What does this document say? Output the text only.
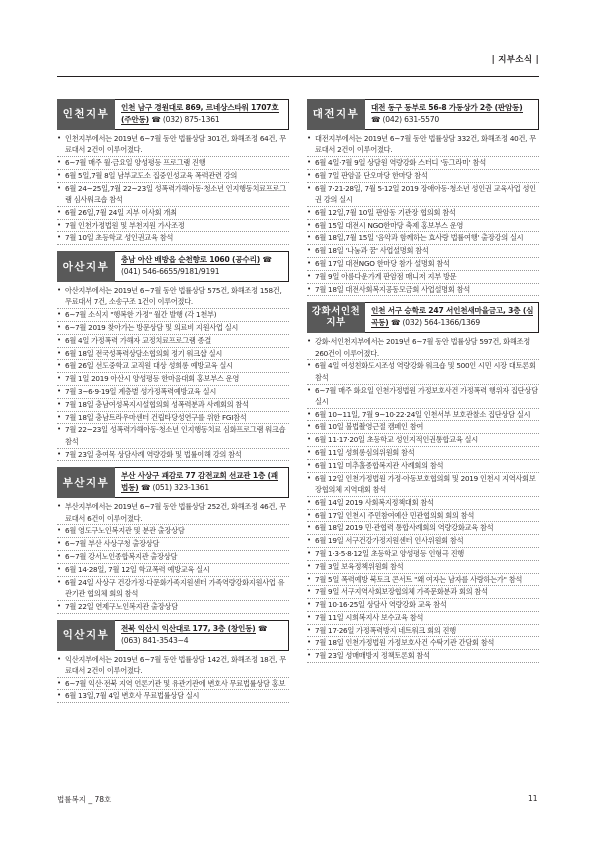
| 지부소식 |
인천지부
인천 남구 경원대로 869, 르네상스타워 1707호 (주안동) ☎ (032) 875-1361
• 인천지부에서는 2019년 6~7월 동안 법률상담 301건, 화해조정 64건, 무료대서 2건이 이루어졌다.
• 6~7월 매주 월·금요일 양성평등 프로그램 진행
• 6월 5일,7월 8일 남부교도소 집중인성교육 폭력관련 강의
• 6월 24~25일,7월 22~23일 성폭력가해아동·청소년 인지행동치료프로그램 심사워크숍 참석
• 6월 26일,7월 24일 지부 이사회 개최
• 7월 인천가정법원 및 부천지원 가사조정
• 7월 10일 초등학교 성인권교육 참석
아산지부
충남 아산 배방읍 순천향로 1060 (공수리) ☎ (041) 546-6655/9181/9191
• 아산지부에서는 2019년 6~7월 동안 법률상담 575건, 화해조정 158건, 무료대서 7건, 소송구조 1건이 이루어졌다.
• 6~7월 소식지 "행복한 가정" 월간 발행 (각 1천부)
• 6~7월 2019 찾아가는 방문상담 및 의료비 지원사업 실시
• 6월 4일 가정폭력 가해자 교정치료프로그램 종결
• 6월 18일 전국성폭력상담소협의회 정기 워크샵 실시
• 6월 26일 선도중학교 교직원 대상 성희롱 예방교육 실시
• 7월 1일 2019 아산시 양성평등 한마음대회 홍보부스 운영
• 7월 3~6·9·19일 계층별 성가정폭력예방교육 실시
• 7월 18일 충남여성복지시설협의회 성폭력분과 사례회의 참석
• 7월 18일 충남트라우마센터 건립타당성연구를 위한 FGI참석
• 7월 22~23일 성폭력가해아동·청소년 인지행동치료 심화프로그램 워크숍 참석
• 7월 23일 충여목 상담사례 역량강화 및 법률이해 강의 참석
부산지부
부산 사상구 괘감로 77 감전교회 선교관 1층 (괘법동) ☎ (051) 323-1361
• 부산지부에서는 2019년 6~7월 동안 법률상담 252건, 화해조정 46건, 무료대서 6건이 이루어졌다.
• 6월 영도구노인복지관 및 분관 출장상담
• 6~7월 부산 사상구청 출장상담
• 6~7월 강서노인종합복지관 출장상담
• 6월 14·28일, 7월 12일 학교폭력 예방교육 실시
• 6월 24일 사상구 건강가정·다문화가족지원센터 가족역량강화지원사업 유관기관 협의체 회의 참석
• 7월 22일 연제구노인복지관 출장상담
익산지부
전북 익산시 익산대로 177, 3층 (창인동) ☎ (063) 841-3543~4
• 익산지부에서는 2019년 6~7월 동안 법률상담 142건, 화해조정 18건, 무료대서 2건이 이루어졌다.
• 6~7월 익산·전북 지역 언론기관 및 유관기관에 변호사 무료법률상담 홍보
• 6월 13일,7월 4일 변호사 무료법률상담 실시
대전지부
대전 동구 동부로 56-8 가동상가 2층 (판암동) ☎ (042) 631-5570
• 대전지부에서는 2019년 6~7월 동안 법률상담 332건, 화해조정 40건, 무료대서 2건이 이루어졌다.
• 6월 4일·7월 9일 상담원 역량강화 스터디 '동그라미' 참석
• 6월 7일 판암골 단오마당 한마당 참석
• 6월 7·21·28일, 7월 5·12일 2019 장애아동·청소년 성인권 교육사업 성인권 강의 실시
• 6월 12일,7월 10일 판암동 기관장 협의회 참석
• 6월 15일 대전시 NGO한마당 축제 홍보부스 운영
• 6월 18일,7월 15일 '음악과 함께하는 효사랑 법률여행' 출장강의 실시
• 6월 18일 '나눔과 꿈' 사업설명회 참석
• 6월 17일 대전NGO 한마당 참가 설명회 참석
• 7월 9일 아름다운가게 판암점 매니저 지부 방문
• 7월 18일 대전사회복지공동모금회 사업설명회 참석
강화서인천지부
인천 서구 승학로 247 서인천새마을금고, 3층 (심곡동) ☎ (032) 564-1366/1369
• 강화·서인천지부에서는 2019년 6~7월 동안 법률상담 597건, 화해조정 260건이 이루어졌다.
• 6월 4일 여성친화도시조성 역량강화 워크숍 및 500인 시민 시장 대토론회 참석
• 6~7월 매주 화요일 인천가정법원 가정보호사건 가정폭력 행위자 집단상담 실시
• 6월 10~11일, 7월 9~10·22·24일 인천서부 보호관찰소 집단상담 실시
• 6월 10일 불법촬영근절 캠페인 참여
• 6월 11·17·20일 초등학교 성인지적인권통합교육 실시
• 6월 11일 성희롱심의위원회 참석
• 6월 11일 미추홀종합복지관 사례회의 참석
• 6월 12일 인천가정법원 가정·아동보호협의회 및 2019 인천시 지역사회보장협의체 지역대회 참석
• 6월 14일 2019 사회복지정책대회 참석
• 6월 17일 인천시 주민참여예산 민관협의회 회의 참석
• 6월 18일 2019 민·관협력 통합사례회의 역량강화교육 참석
• 6월 19일 서구건강가정지원센터 인사위원회 참석
• 7월 1·3·5·8·12일 초등학교 양성평등 인형극 진행
• 7월 3일 보육정책위원회 참석
• 7월 5일 폭력예방 북토크 콘서트 "왜 여자는 남자를 사랑하는가" 참석
• 7월 9일 서구지역사회보장협의체 가족문화분과 회의 참석
• 7월 10·16·25일 상담사 역량강화 교육 참석
• 7월 11일 시희복지사 보수교육 참석
• 7월 17·26일 가정폭력방지 네트워크 회의 진행
• 7월 18일 인천가정법원 가정보호사건 수탁기관 간담회 참석
• 7월 23일 성매매방지 정책토론회 참석
법률복지 _ 78호	11
